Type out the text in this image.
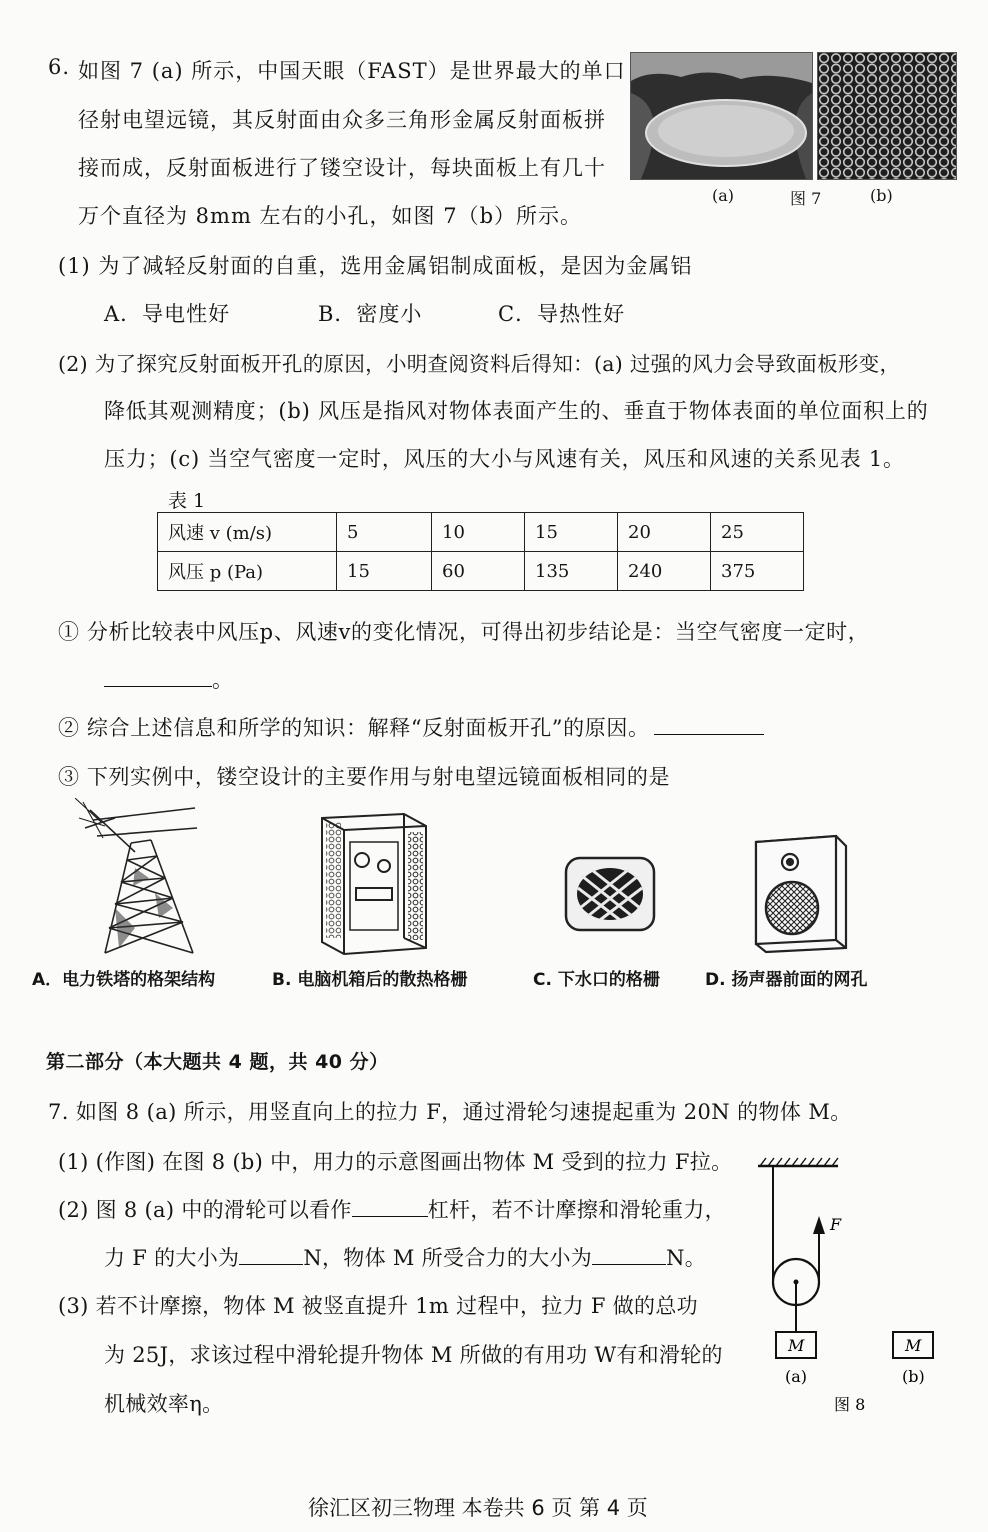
6. 如图 7 (a) 所示，中国天眼（FAST）是世界最大的单口
径射电望远镜，其反射面由众多三角形金属反射面板拼
接而成，反射面板进行了镂空设计，每块面板上有几十
万个直径为 8mm 左右的小孔，如图 7（b）所示。
(a)	图 7	(b)
(1) 为了减轻反射面的自重，选用金属铝制成面板，是因为金属铝
A．导电性好	B．密度小	C．导热性好
(2) 为了探究反射面板开孔的原因，小明查阅资料后得知：(a) 过强的风力会导致面板形变，
降低其观测精度；(b) 风压是指风对物体表面产生的、垂直于物体表面的单位面积上的
压力；(c) 当空气密度一定时，风压的大小与风速有关，风压和风速的关系见表 1。
表 1
风速 v (m/s)	5	10	15	20	25
风压 p (Pa)	15	60	135	240	375
① 分析比较表中风压p、风速v的变化情况，可得出初步结论是：当空气密度一定时，
。
② 综合上述信息和所学的知识：解释“反射面板开孔”的原因。
③ 下列实例中，镂空设计的主要作用与射电望远镜面板相同的是
A．电力铁塔的格架结构	B. 电脑机箱后的散热格栅	C. 下水口的格栅	D. 扬声器前面的网孔
第二部分（本大题共 4 题，共 40 分）
7. 如图 8 (a) 所示，用竖直向上的拉力 F，通过滑轮匀速提起重为 20N 的物体 M。
(1) (作图) 在图 8 (b) 中，用力的示意图画出物体 M 受到的拉力 F拉。
(2) 图 8 (a) 中的滑轮可以看作	杠杆，若不计摩擦和滑轮重力，
力 F 的大小为	N，物体 M 所受合力的大小为	N。
(3) 若不计摩擦，物体 M 被竖直提升 1m 过程中，拉力 F 做的总功
为 25J，求该过程中滑轮提升物体 M 所做的有用功 W有和滑轮的
机械效率η。
F
M	M
(a)	(b)
图 8
徐汇区初三物理 本卷共 6 页 第 4 页
